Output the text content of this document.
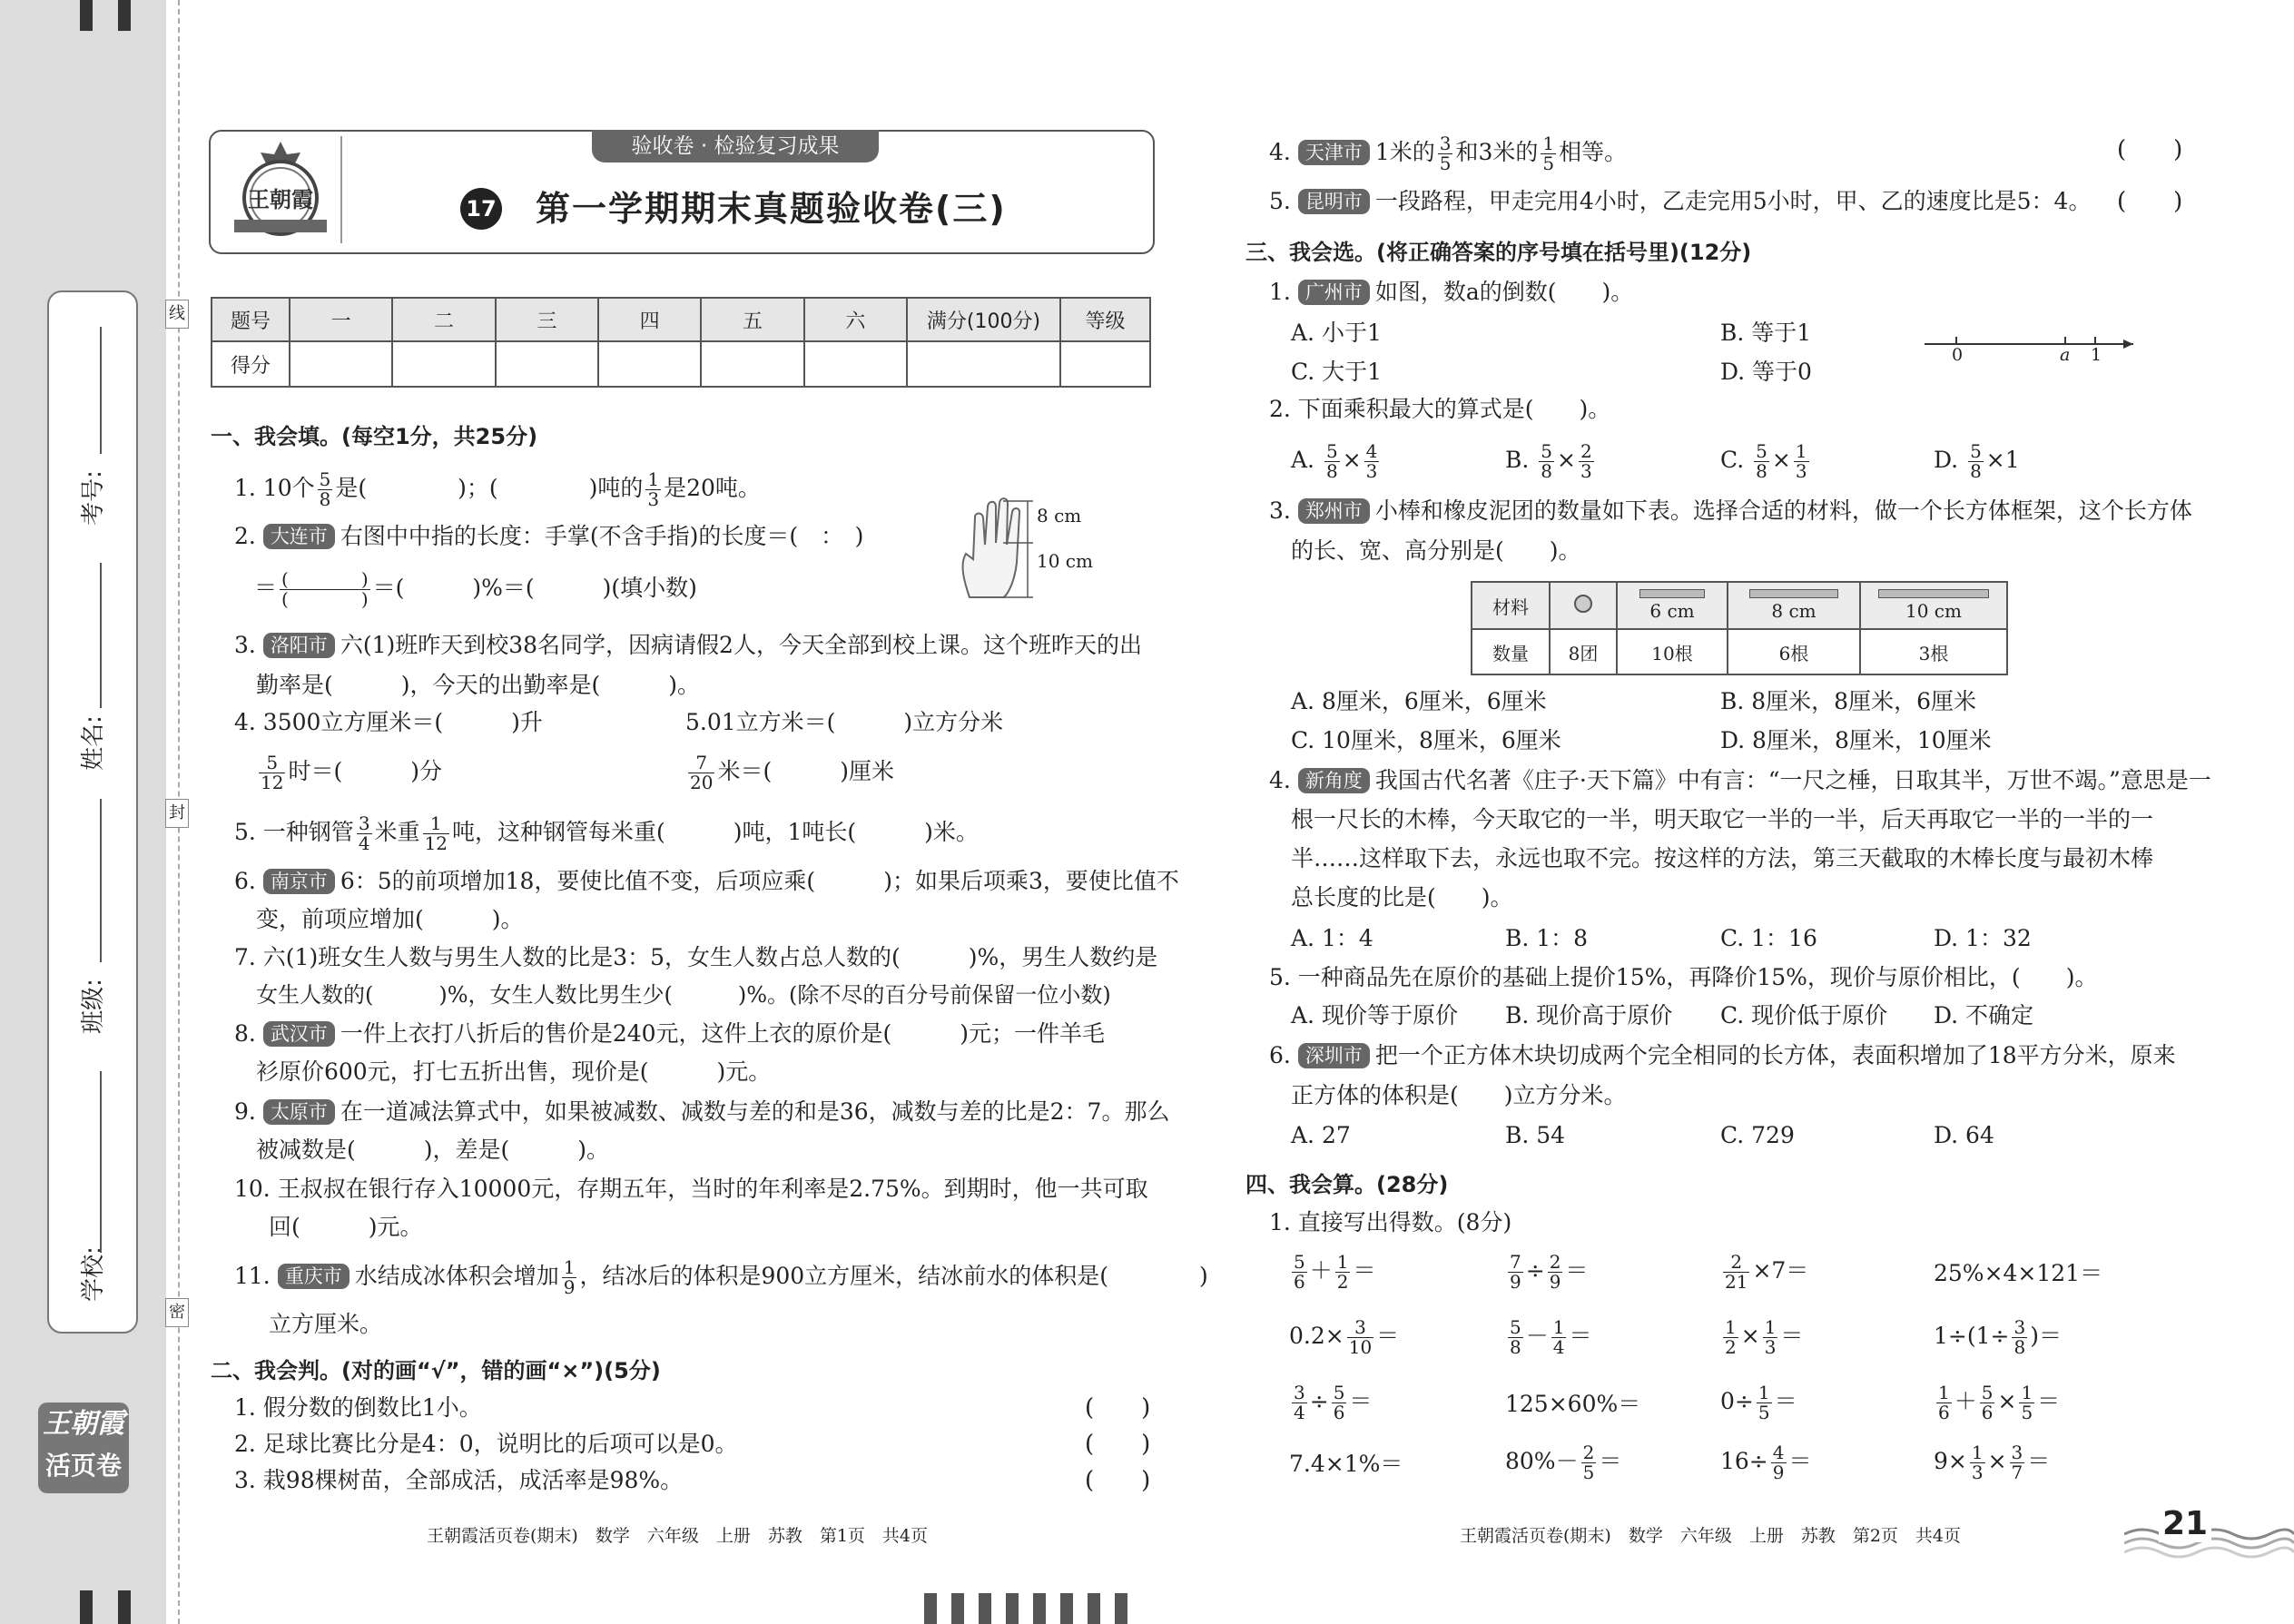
考号:
姓名:
班级:
学校:
线
封
密
王朝霞
活页卷
王朝霞
验收卷 · 检验复习成果
17 第一学期期末真题验收卷(三)
题号	一	二	三	四	五	六	满分(100分)	等级
得分								
一、我会填。(每空1分，共25分)
1. 10个 $\frac{5}{8}$ 是(　　　　)；(　　　　)吨的 $\frac{1}{3}$ 是20吨。
2. 大连市 右图中中指的长度：手掌(不含手指)的长度＝(　：　)
＝ (　　　　)
(　　　　) ＝(　　　)%＝(　　　)(填小数)
8 cm
10 cm
3. 洛阳市 六(1)班昨天到校38名同学，因病请假2人，今天全部到校上课。这个班昨天的出
勤率是(　　　)，今天的出勤率是(　　　)。
4. 3500立方厘米＝(　　　)升	5.01立方米＝(　　　)立方分米
$\frac{5}{12}$ 时＝(　　　)分	$\frac{7}{20}$ 米＝(　　　)厘米
5. 一种钢管 $\frac{3}{4}$ 米重 $\frac{1}{12}$ 吨，这种钢管每米重(　　　)吨，1吨长(　　　)米。
6. 南京市 6：5的前项增加18，要使比值不变，后项应乘(　　　)；如果后项乘3，要使比值不
变，前项应增加(　　　)。
7. 六(1)班女生人数与男生人数的比是3：5，女生人数占总人数的(　　　)%，男生人数约是
女生人数的(　　　)%，女生人数比男生少(　　　)%。(除不尽的百分号前保留一位小数)
8. 武汉市 一件上衣打八折后的售价是240元，这件上衣的原价是(　　　)元；一件羊毛
衫原价600元，打七五折出售，现价是(　　　)元。
9. 太原市 在一道减法算式中，如果被减数、减数与差的和是36，减数与差的比是2：7。那么
被减数是(　　　)，差是(　　　)。
10. 王叔叔在银行存入10000元，存期五年，当时的年利率是2.75%。到期时，他一共可取
回(　　　)元。
11. 重庆市 水结成冰体积会增加 $\frac{1}{9}$ ，结冰后的体积是900立方厘米，结冰前水的体积是(　　　　)
立方厘米。
二、我会判。(对的画“√”，错的画“×”)(5分)
1. 假分数的倒数比1小。	(　　)
2. 足球比赛比分是4：0，说明比的后项可以是0。	(　　)
3. 栽98棵树苗，全部成活，成活率是98%。	(　　)
王朝霞活页卷(期末)　数学　六年级　上册　苏教　第1页　共4页
4. 天津市 1米的 $\frac{3}{5}$ 和3米的 $\frac{1}{5}$ 相等。	(　　)
5. 昆明市 一段路程，甲走完用4小时，乙走完用5小时，甲、乙的速度比是5：4。 (　　)
三、我会选。(将正确答案的序号填在括号里)(12分)
1. 广州市 如图，数a的倒数(　　)。
A. 小于1	B. 等于1
C. 大于1	D. 等于0
0	a 1
2. 下面乘积最大的算式是(　　)。
A. $\frac{5}{8} \times \frac{4}{3}$	B. $\frac{5}{8} \times \frac{2}{3}$	C. $\frac{5}{8} \times \frac{1}{3}$	D. $\frac{5}{8} \times 1$
3. 郑州市 小棒和橡皮泥团的数量如下表。选择合适的材料，做一个长方体框架，这个长方体
的长、宽、高分别是(　　)。
材料		6 cm	8 cm	10 cm
数量	8团	10根	6根	3根
A. 8厘米，6厘米，6厘米	B. 8厘米，8厘米，6厘米
C. 10厘米，8厘米，6厘米	D. 8厘米，8厘米，10厘米
4. 新角度 我国古代名著《庄子·天下篇》中有言：“一尺之棰，日取其半，万世不竭。”意思是一
根一尺长的木棒，今天取它的一半，明天取它一半的一半，后天再取它一半的一半的一
半……这样取下去，永远也取不完。按这样的方法，第三天截取的木棒长度与最初木棒
总长度的比是(　　)。
A. 1：4	B. 1：8	C. 1：16	D. 1：32
5. 一种商品先在原价的基础上提价15%，再降价15%，现价与原价相比，(　　)。
A. 现价等于原价 B. 现价高于原价 C. 现价低于原价 D. 不确定
6. 深圳市 把一个正方体木块切成两个完全相同的长方体，表面积增加了18平方分米，原来
正方体的体积是(　　)立方分米。
A. 27	B. 54	C. 729	D. 64
四、我会算。(28分)
1. 直接写出得数。(8分)
$\frac{5}{6} + \frac{1}{2}$ ＝	$\frac{7}{9} \div \frac{2}{9}$ ＝	$\frac{2}{21} \times 7=$	25%×4×121＝
$0.2\times \frac{3}{10}$ ＝	$\frac{5}{8} - \frac{1}{4}$ ＝	$\frac{1}{2} \times \frac{1}{3}$ ＝	$1\div(1\div \frac{3}{8}$ )＝
$\frac{3}{4} \div \frac{5}{6}$ ＝	125×60%＝	$0\div \frac{1}{5}$ ＝	$\frac{1}{6} + \frac{5}{6} \times \frac{1}{5}$ ＝
7.4×1%＝	$80\%- \frac{2}{5}$ ＝	$16\div \frac{4}{9}$ ＝	$9\times \frac{1}{3} \times \frac{3}{7}$ ＝
王朝霞活页卷(期末)　数学　六年级　上册　苏教　第2页　共4页	21
